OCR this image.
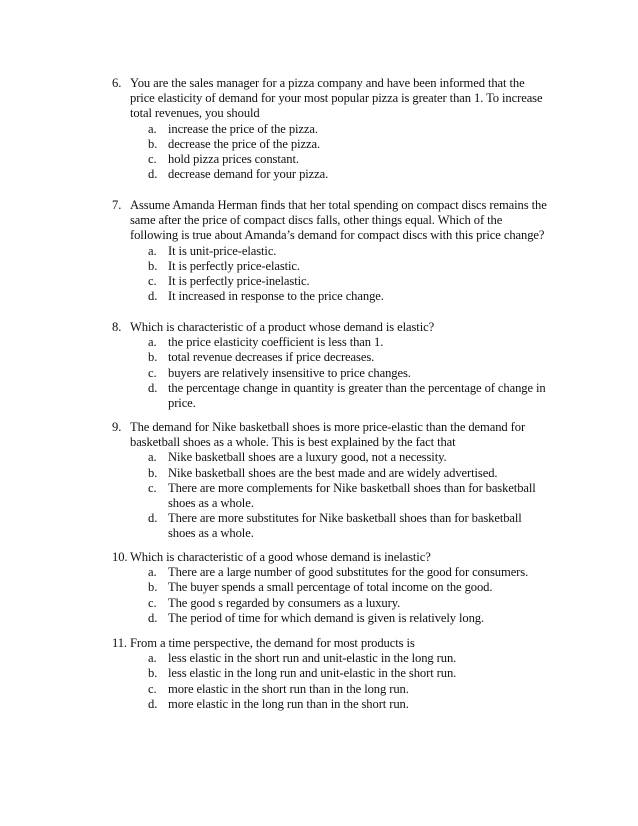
6. You are the sales manager for a pizza company and have been informed that the price elasticity of demand for your most popular pizza is greater than 1. To increase total revenues, you should
a. increase the price of the pizza.
b. decrease the price of the pizza.
c. hold pizza prices constant.
d. decrease demand for your pizza.
7. Assume Amanda Herman finds that her total spending on compact discs remains the same after the price of compact discs falls, other things equal. Which of the following is true about Amanda’s demand for compact discs with this price change?
a. It is unit-price-elastic.
b. It is perfectly price-elastic.
c. It is perfectly price-inelastic.
d. It increased in response to the price change.
8. Which is characteristic of a product whose demand is elastic?
a. the price elasticity coefficient is less than 1.
b. total revenue decreases if price decreases.
c. buyers are relatively insensitive to price changes.
d. the percentage change in quantity is greater than the percentage of change in price.
9. The demand for Nike basketball shoes is more price-elastic than the demand for basketball shoes as a whole. This is best explained by the fact that
a. Nike basketball shoes are a luxury good, not a necessity.
b. Nike basketball shoes are the best made and are widely advertised.
c. There are more complements for Nike basketball shoes than for basketball shoes as a whole.
d. There are more substitutes for Nike basketball shoes than for basketball shoes as a whole.
10. Which is characteristic of a good whose demand is inelastic?
a. There are a large number of good substitutes for the good for consumers.
b. The buyer spends a small percentage of total income on the good.
c. The good s regarded by consumers as a luxury.
d. The period of time for which demand is given is relatively long.
11. From a time perspective, the demand for most products is
a. less elastic in the short run and unit-elastic in the long run.
b. less elastic in the long run and unit-elastic in the short run.
c. more elastic in the short run than in the long run.
d. more elastic in the long run than in the short run.
